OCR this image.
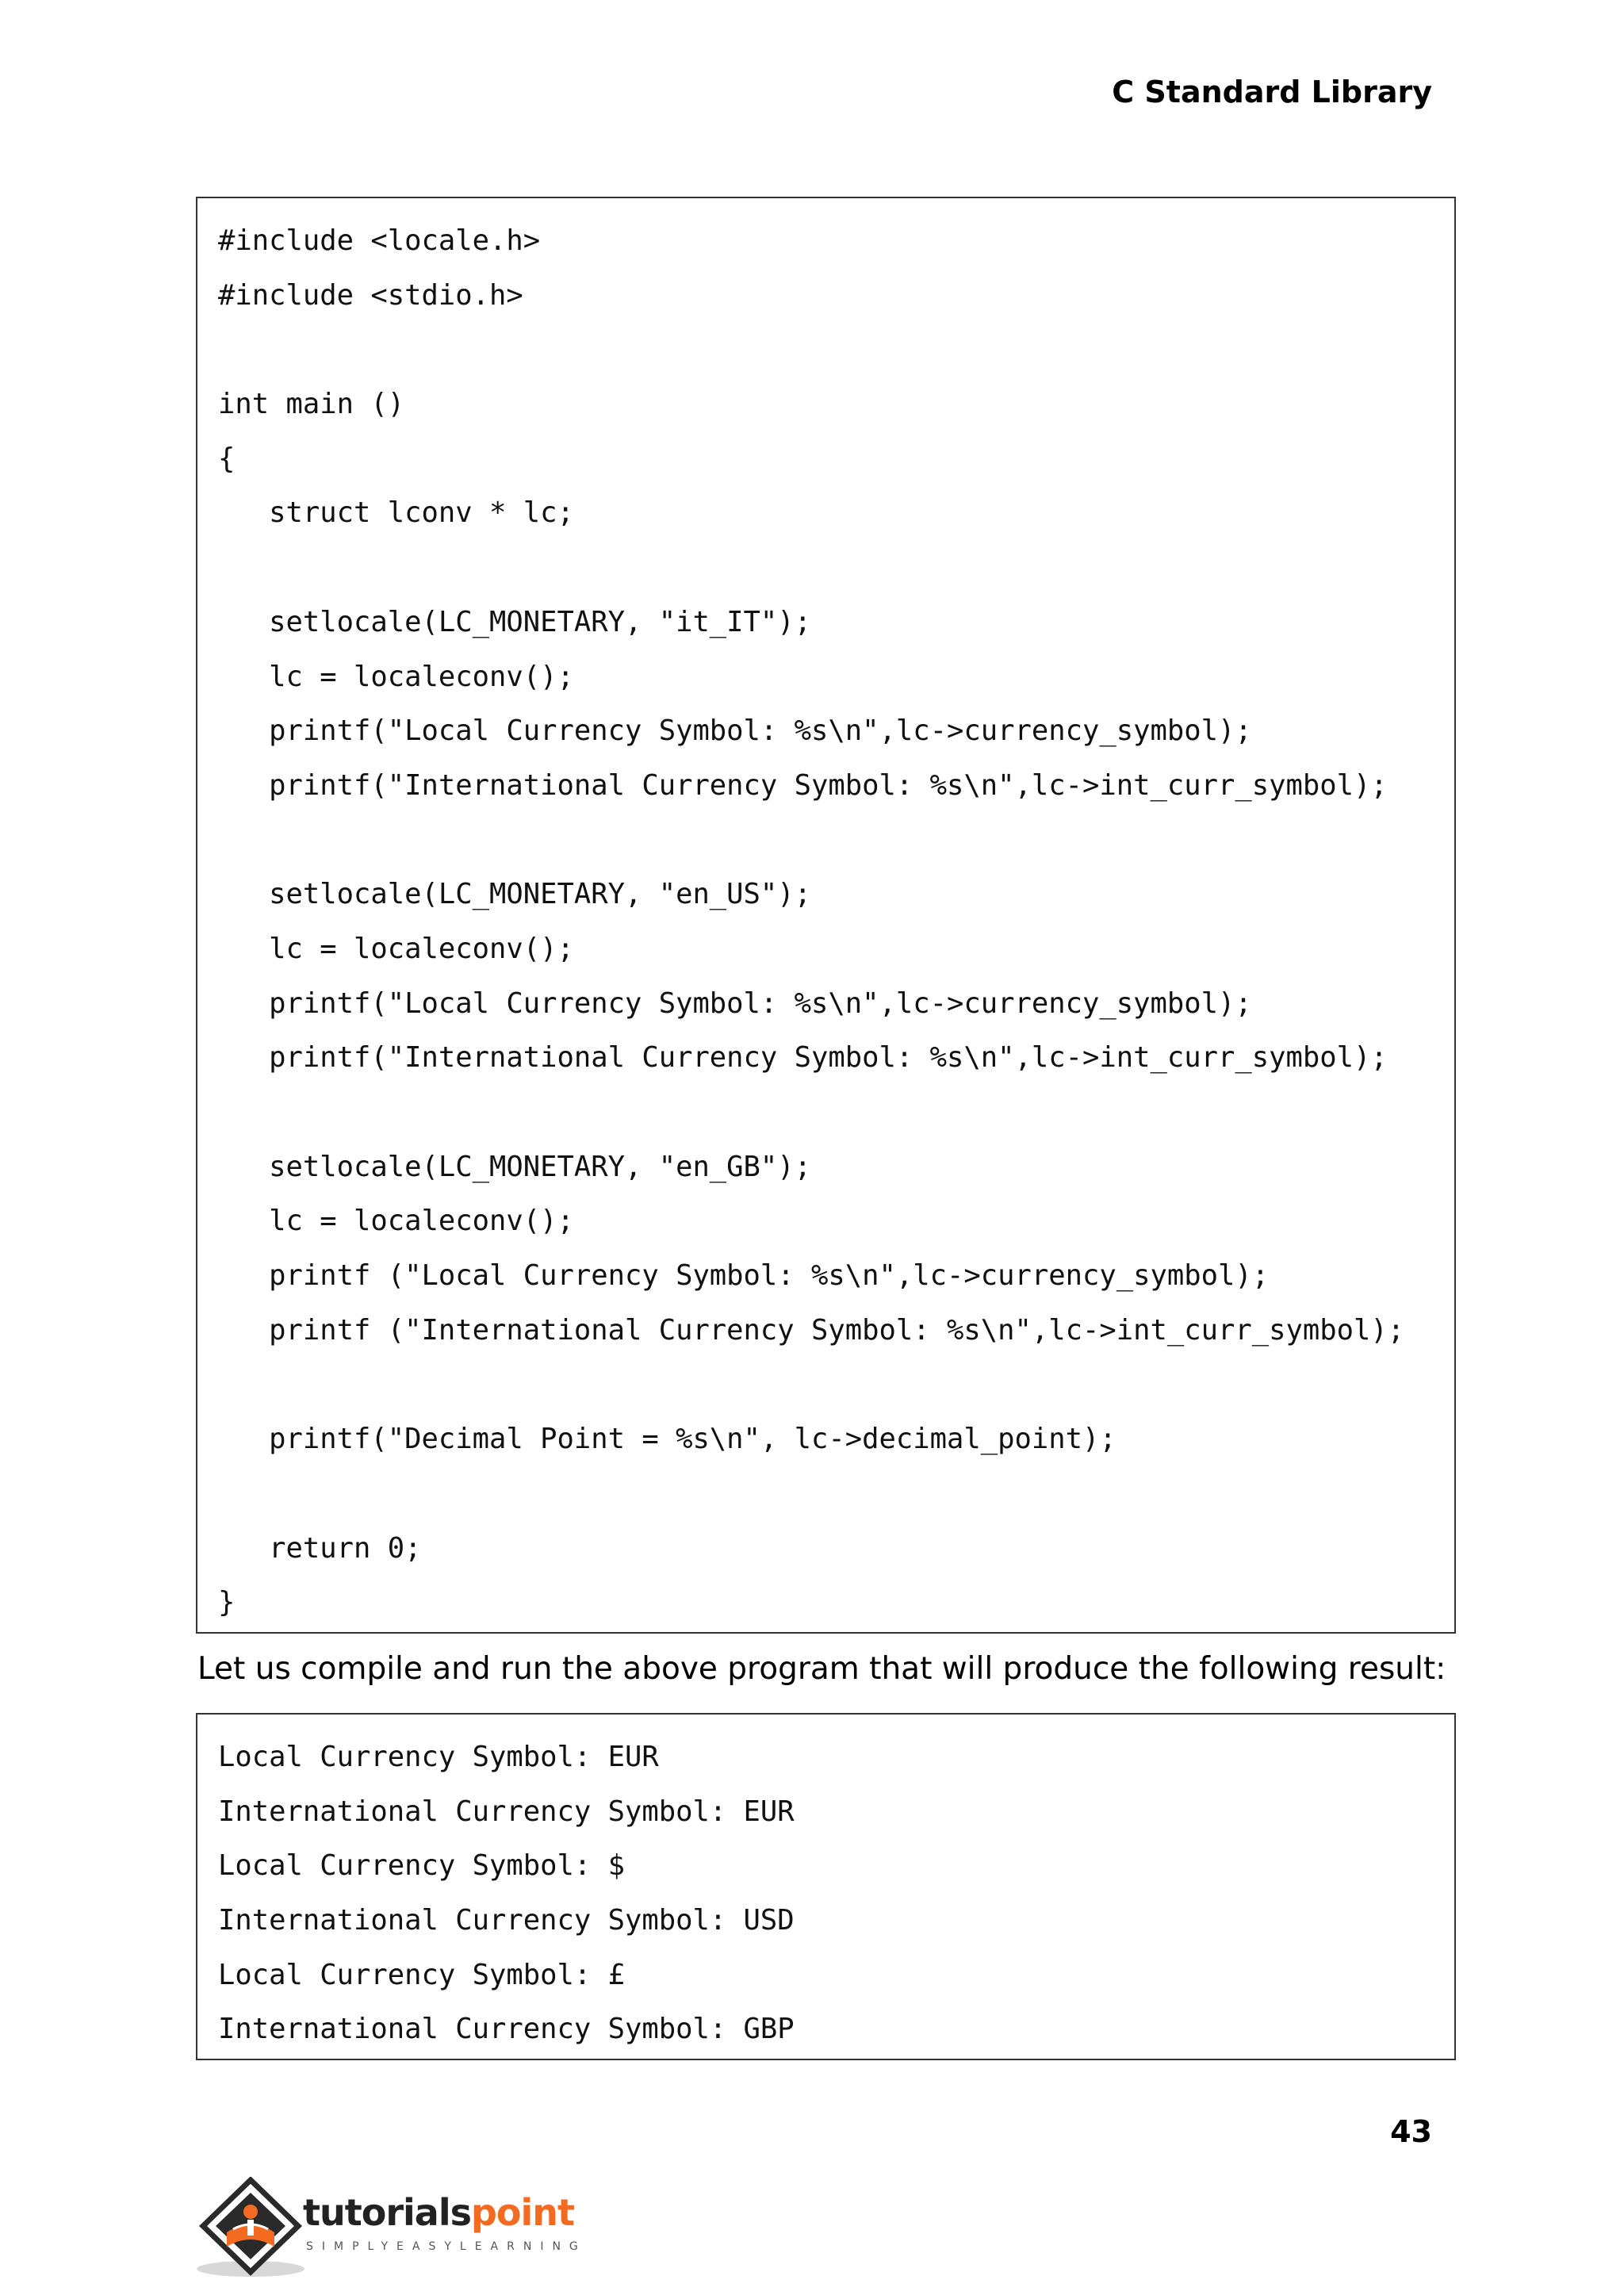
C Standard Library
#include <locale.h>
#include <stdio.h>
int main ()
{
struct lconv * lc;
setlocale(LC_MONETARY, "it_IT");
lc = localeconv();
printf("Local Currency Symbol: %s\n",lc->currency_symbol);
printf("International Currency Symbol: %s\n",lc->int_curr_symbol);
setlocale(LC_MONETARY, "en_US");
lc = localeconv();
printf("Local Currency Symbol: %s\n",lc->currency_symbol);
printf("International Currency Symbol: %s\n",lc->int_curr_symbol);
setlocale(LC_MONETARY, "en_GB");
lc = localeconv();
printf ("Local Currency Symbol: %s\n",lc->currency_symbol);
printf ("International Currency Symbol: %s\n",lc->int_curr_symbol);
printf("Decimal Point = %s\n", lc->decimal_point);
return 0;
}
Let us compile and run the above program that will produce the following result:
Local Currency Symbol: EUR
International Currency Symbol: EUR
Local Currency Symbol: $
International Currency Symbol: USD
Local Currency Symbol: £
International Currency Symbol: GBP
43
tutorialspoint
SIMPLYEASYLEARNING
